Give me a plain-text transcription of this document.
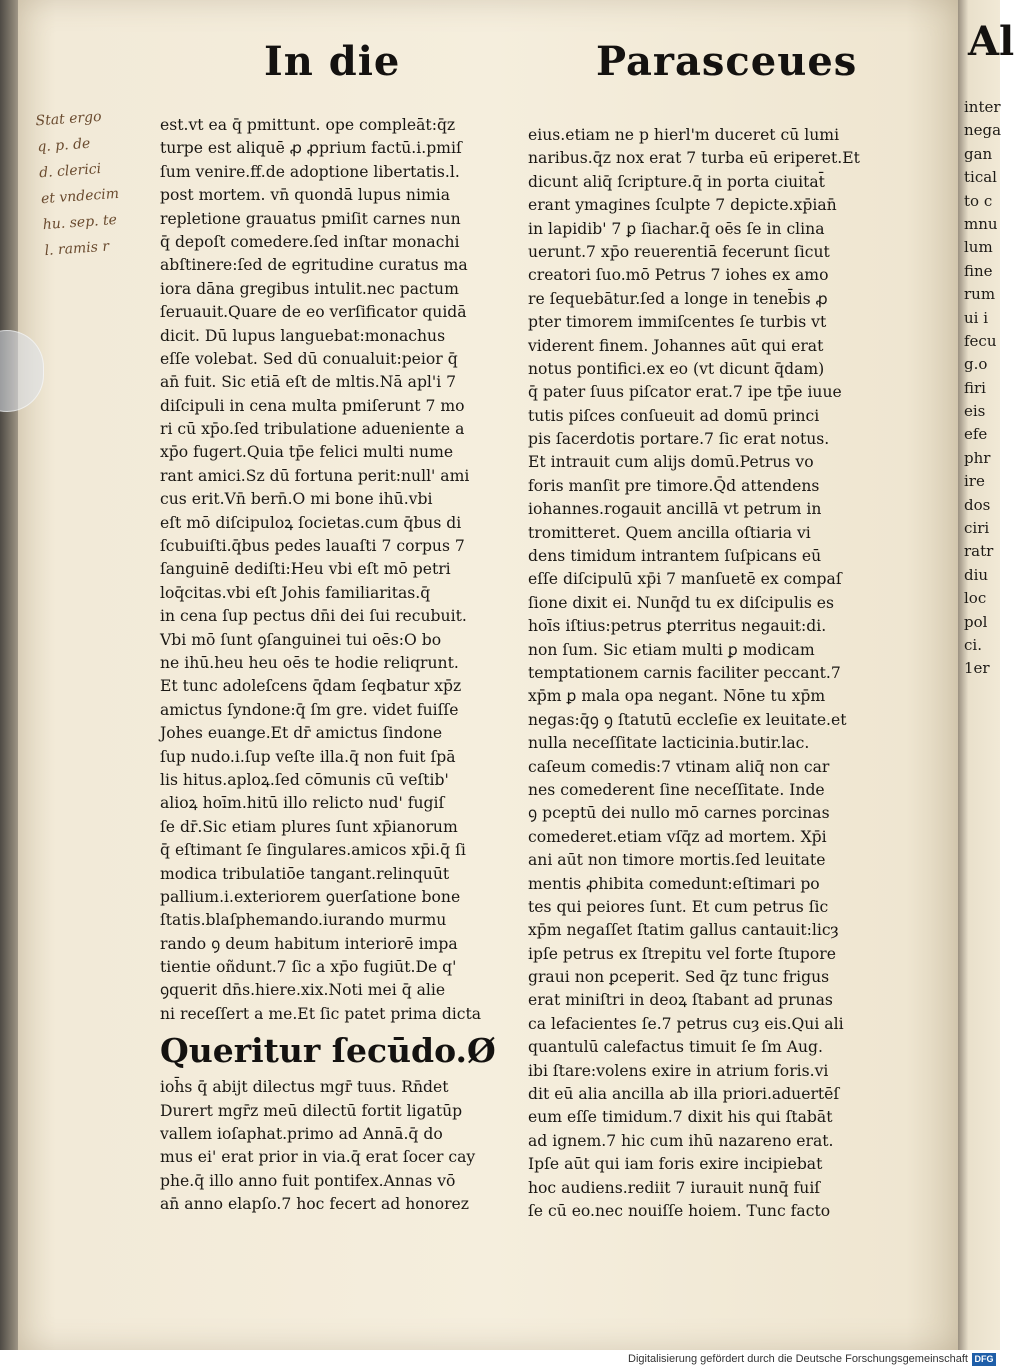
In die	Parasceues
Stat ergo
q. p. de
d. clerici
et vndecim
hu. sep. te
l. ramis r
est.vt ea q̄ pmittunt. ope compleāt:q̄z
turpe est aliquē ꝓ ꝓprium factū.i.pmiſ
ſum venire.ff.de adoptione libertatis.l.
post mortem. vn̄ quondā lupus nimia
repletione grauatus pmiſit carnes nun
q̄ depoſt comedere.ſed inſtar monachi
abſtinere:ſed de egritudine curatus ma
iora dāna gregibus intulit.nec pactum
ſeruauit.Quare de eo verſificator quidā
dicit. Dū lupus languebat:monachus
eſſe volebat. Sed dū conualuit:peior q̄
an̄ fuit. Sic etiā eſt de mltis.Nā apl'i 7
diſcipuli in cena multa pmiſerunt 7 mo
ri cū xp̄o.ſed tribulatione adueniente a
xp̄o fugert.Quia tp̄e felici multi nume
rant amici.Sz dū fortuna perit:null' ami
cus erit.Vn̄ bern̄.O mi bone ihū.vbi
eſt mō diſcipuloꝝ ſocietas.cum q̄bus di
ſcubuiſti.q̄bus pedes lauaſti 7 corpus 7
ſanguinē dediſti:Heu vbi eſt mō petri
loq̄citas.vbi eſt Johis familiaritas.q̄
in cena ſup pectus dn̄i dei ſui recubuit.
Vbi mō ſunt ꝯſanguinei tui oēs:O bo
ne ihū.heu heu oēs te hodie reliqrunt.
Et tunc adoleſcens q̄dam ſeqbatur xp̄z
amictus ſyndone:q̄ ſm gre. videt fuiſſe
Johes euange.Et dr̄ amictus ſindone
ſup nudo.i.ſup veſte illa.q̄ non fuit ſpā
lis hitus.aploꝝ.ſed cōmunis cū veſtib'
alioꝝ hoīm.hitū illo relicto nud' fugiſ
ſe dr̄.Sic etiam plures ſunt xp̄ianorum
q̄ eſtimant ſe ſingulares.amicos xp̄i.q̄ ſi
modica tribulatiōe tangant.relinquūt
pallium.i.exteriorem ꝯuerſatione bone
ſtatis.blaſphemando.iurando murmu
rando ꝯ deum habitum interiorē impa
tientie oñdunt.7 ſic a xp̄o fugiūt.De q'
ꝯquerit dn̄s.hiere.xix.Noti mei q̄ alie
ni receſſert a me.Et ſic patet prima dicta
Queritur ſecūdo.Ø
ioh̄s q̄ abijt dilectus mgr̄ tuus. Rn̄det
Durert mgr̄z meū dilectū fortit ligatūp
vallem ioſaphat.primo ad Annā.q̄ do
mus ei' erat prior in via.q̄ erat ſocer cay
phe.q̄ illo anno fuit pontifex.Annas vō
an̄ anno elapſo.7 hoc fecert ad honorez
eius.etiam ne p hierl'm duceret cū lumi
naribus.q̄z nox erat 7 turba eū eriperet.Et
dicunt aliq̄ ſcripture.q̄ in porta ciuitat̄
erant ymagines ſculpte 7 depicte.xp̄ian̄
in lapidib' 7 ꝑ ſiachar.q̄ oēs ſe in clina
uerunt.7 xp̄o reuerentiā fecerunt ſicut
creatori ſuo.mō Petrus 7 iohes ex amo
re ſequebātur.ſed a longe in teneb̄is ꝓ
pter timorem immiſcentes ſe turbis vt
viderent finem. Johannes aūt qui erat
notus pontifici.ex eo (vt dicunt q̄dam)
q̄ pater ſuus piſcator erat.7 ipe tp̄e iuue
tutis piſces conſueuit ad domū princi
pis ſacerdotis portare.7 ſic erat notus.
Et intrauit cum alijs domū.Petrus vo
foris manſit pre timore.Q̄d attendens
iohannes.rogauit ancillā vt petrum in
tromitteret. Quem ancilla oſtiaria vi
dens timidum intrantem ſuſpicans eū
eſſe diſcipulū xp̄i 7 manſuetē ex compaſ
ſione dixit ei. Nunq̄d tu ex diſcipulis es
hoīs iſtius:petrus ꝑterritus negauit:di.
non ſum. Sic etiam multi ꝑ modicam
temptationem carnis faciliter peccant.7
xp̄m ꝑ mala opa negant. Nōne tu xp̄m
negas:q̄ꝯ ꝯ ſtatutū eccleſie ex leuitate.et
nulla neceſſitate lacticinia.butir.lac.
caſeum comedis:7 vtinam aliq̄ non car
nes comederent ſine neceſſitate. Inde
ꝯ pceptū dei nullo mō carnes porcinas
comederet.etiam vſq̄z ad mortem. Xp̄i
ani aūt non timore mortis.ſed leuitate
mentis ꝓhibita comedunt:eſtimari po
tes qui peiores ſunt. Et cum petrus ſic
xp̄m negaſſet ſtatim gallus cantauit:licȝ
ipſe petrus ex ſtrepitu vel forte ſtupore
graui non ꝑceperit. Sed q̄z tunc frigus
erat miniſtri in deoꝝ ſtabant ad prunas
ca lefacientes ſe.7 petrus cuȝ eis.Qui ali
quantulū calefactus timuit ſe ſm Aug.
ibi ſtare:volens exire in atrium foris.vi
dit eū alia ancilla ab illa priori.aduertēſ
eum eſſe timidum.7 dixit his qui ſtabāt
ad ignem.7 hic cum ihū nazareno erat.
Ipſe aūt qui iam foris exire incipiebat
hoc audiens.rediit 7 iurauit nunq̄ fuiſ
ſe cū eo.nec nouiſſe hoiem. Tunc facto
Al
inter
nega
gan
tical
to c
mnu
lum
fine
rum
ui i
fecu
g.o
firi
eis
efe
phr
ire
dos
ciri
ratr
diu
loc
pol
ci.
1er
Digitalisierung gefördert durch die Deutsche Forschungsgemeinschaft DFG
